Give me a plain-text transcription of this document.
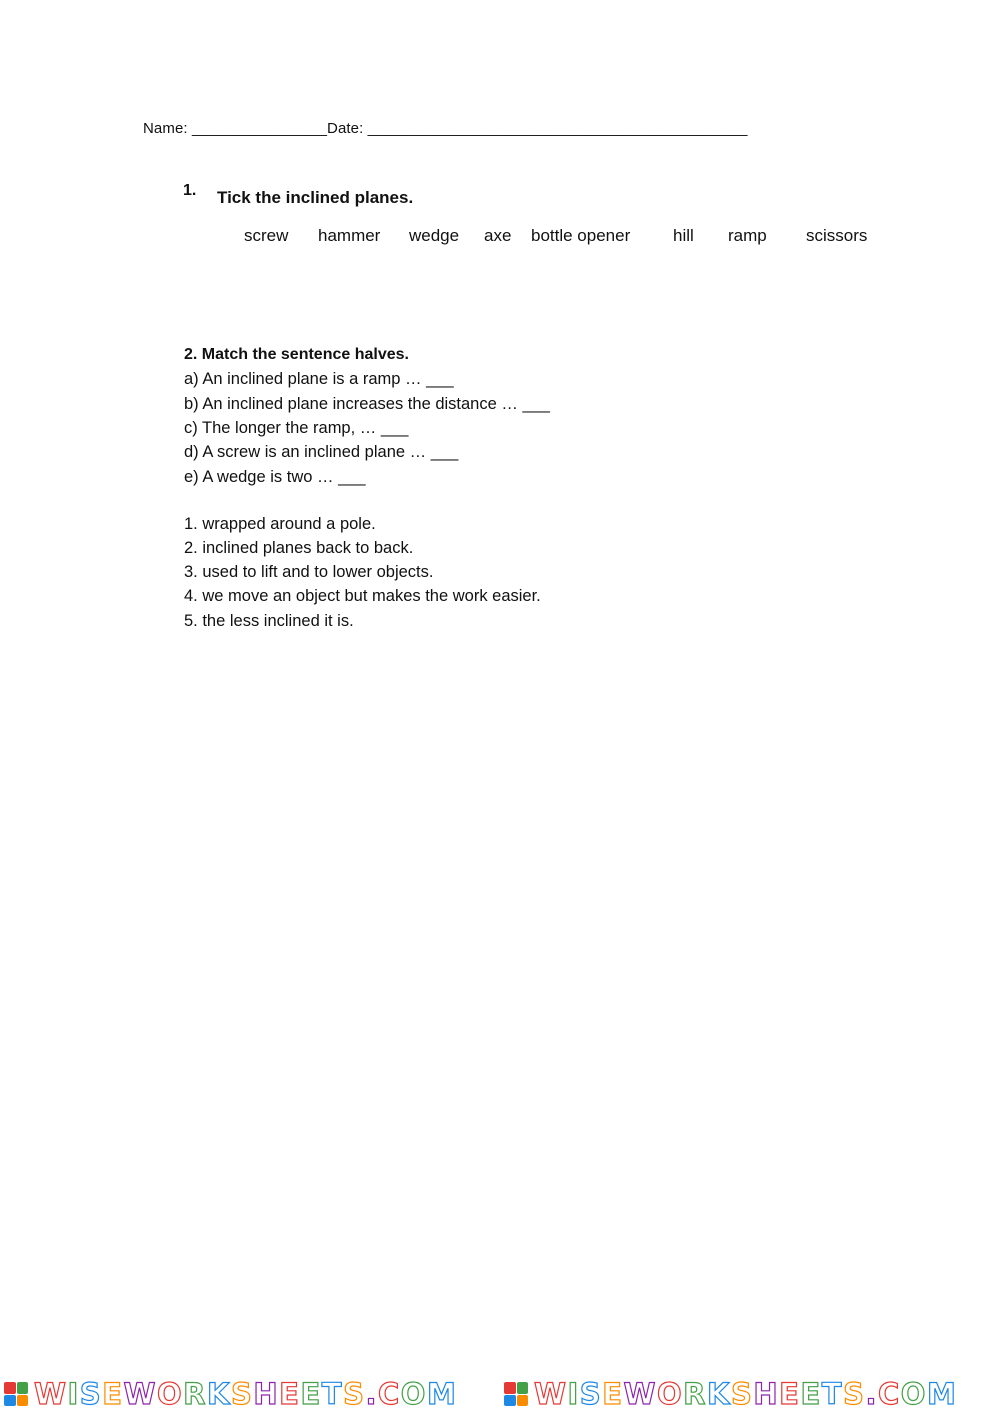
Name: ________________Date: _____________________________________________
1. Tick the inclined planes.
screw hammer wedge axe bottle opener	hill ramp scissors
2. Match the sentence halves.
a) An inclined plane is a ramp … ___
b) An inclined plane increases the distance … ___
c) The longer the ramp, … ___
d) A screw is an inclined plane … ___
e) A wedge is two … ___
1. wrapped around a pole.
2. inclined planes back to back.
3. used to lift and to lower objects.
4. we move an object but makes the work easier.
5. the less inclined it is.
WISEWORKSHEETS.COM	WISEWORKSHEETS.COM
